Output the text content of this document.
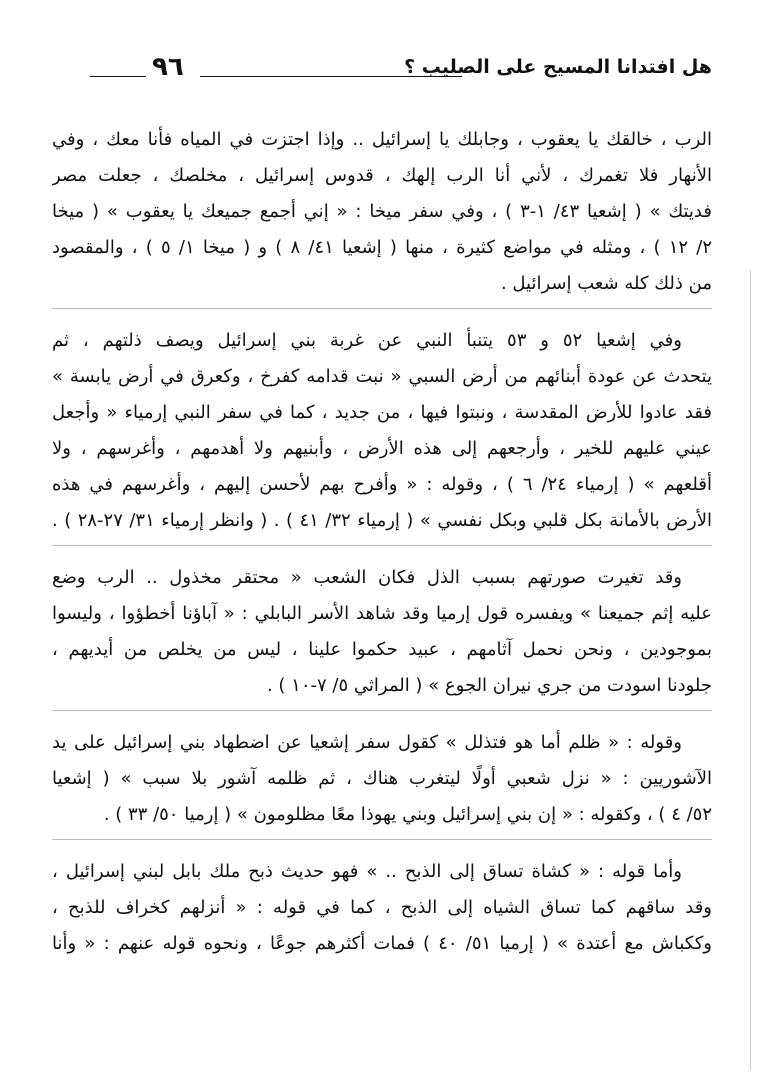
هل افتدانا المسيح على الصليب ؟
٩٦
الرب ، خالقك يا يعقوب ، وجابلك يا إسرائيل .. وإذا اجتزت في المياه فأنا معك ، وفي
الأنهار فلا تغمرك ، لأني أنا الرب إلهك ، قدوس إسرائيل ، مخلصك ، جعلت مصر
فديتك » ( إشعيا ٤٣/ ١-٣ ) ، وفي سفر ميخا : « إني أجمع جميعك يا يعقوب » ( ميخا
٢/ ١٢ ) ، ومثله في مواضع كثيرة ، منها ( إشعيا ٤١/ ٨ ) و ( ميخا ١/ ٥ ) ، والمقصود
من ذلك كله شعب إسرائيل .
وفي إشعيا ٥٢ و ٥٣ يتنبأ النبي عن غربة بني إسرائيل ويصف ذلتهم ، ثم
يتحدث عن عودة أبنائهم من أرض السبي « نبت قدامه كفرخ ، وكعرق في أرض يابسة »
فقد عادوا للأرض المقدسة ، ونبتوا فيها ، من جديد ، كما في سفر النبي إرمياء « وأجعل
عيني عليهم للخير ، وأرجعهم إلى هذه الأرض ، وأبنيهم ولا أهدمهم ، وأغرسهم ، ولا
أقلعهم » ( إرمياء ٢٤/ ٦ ) ، وقوله : « وأفرح بهم لأحسن إليهم ، وأغرسهم في هذه
الأرض بالأمانة بكل قلبي وبكل نفسي » ( إرمياء ٣٢/ ٤١ ) . ( وانظر إرمياء ٣١/ ٢٧-٢٨ ) .
وقد تغيرت صورتهم بسبب الذل فكان الشعب « محتقر مخذول .. الرب وضع
عليه إثم جميعنا » ويفسره قول إرميا وقد شاهد الأسر البابلي : « آباؤنا أخطؤوا ، وليسوا
بموجودين ، ونحن نحمل آثامهم ، عبيد حكموا علينا ، ليس من يخلص من أيديهم ،
جلودنا اسودت من جري نيران الجوع » ( المراثي ٥/ ٧-١٠ ) .
وقوله : « ظلم أما هو فتذلل » كقول سفر إشعيا عن اضطهاد بني إسرائيل على يد
الآشوريين : « نزل شعبي أولًا ليتغرب هناك ، ثم ظلمه آشور بلا سبب » ( إشعيا
٥٢/ ٤ ) ، وكقوله : « إن بني إسرائيل وبني يهوذا معًا مظلومون » ( إرميا ٥٠/ ٣٣ ) .
وأما قوله : « كشاة تساق إلى الذبح .. » فهو حديث ذبح ملك بابل لبني إسرائيل ،
وقد ساقهم كما تساق الشياه إلى الذبح ، كما في قوله : « أنزلهم كخراف للذبح ،
وككباش مع أعتدة » ( إرميا ٥١/ ٤٠ ) فمات أكثرهم جوعًا ، ونحوه قوله عنهم : « وأنا
